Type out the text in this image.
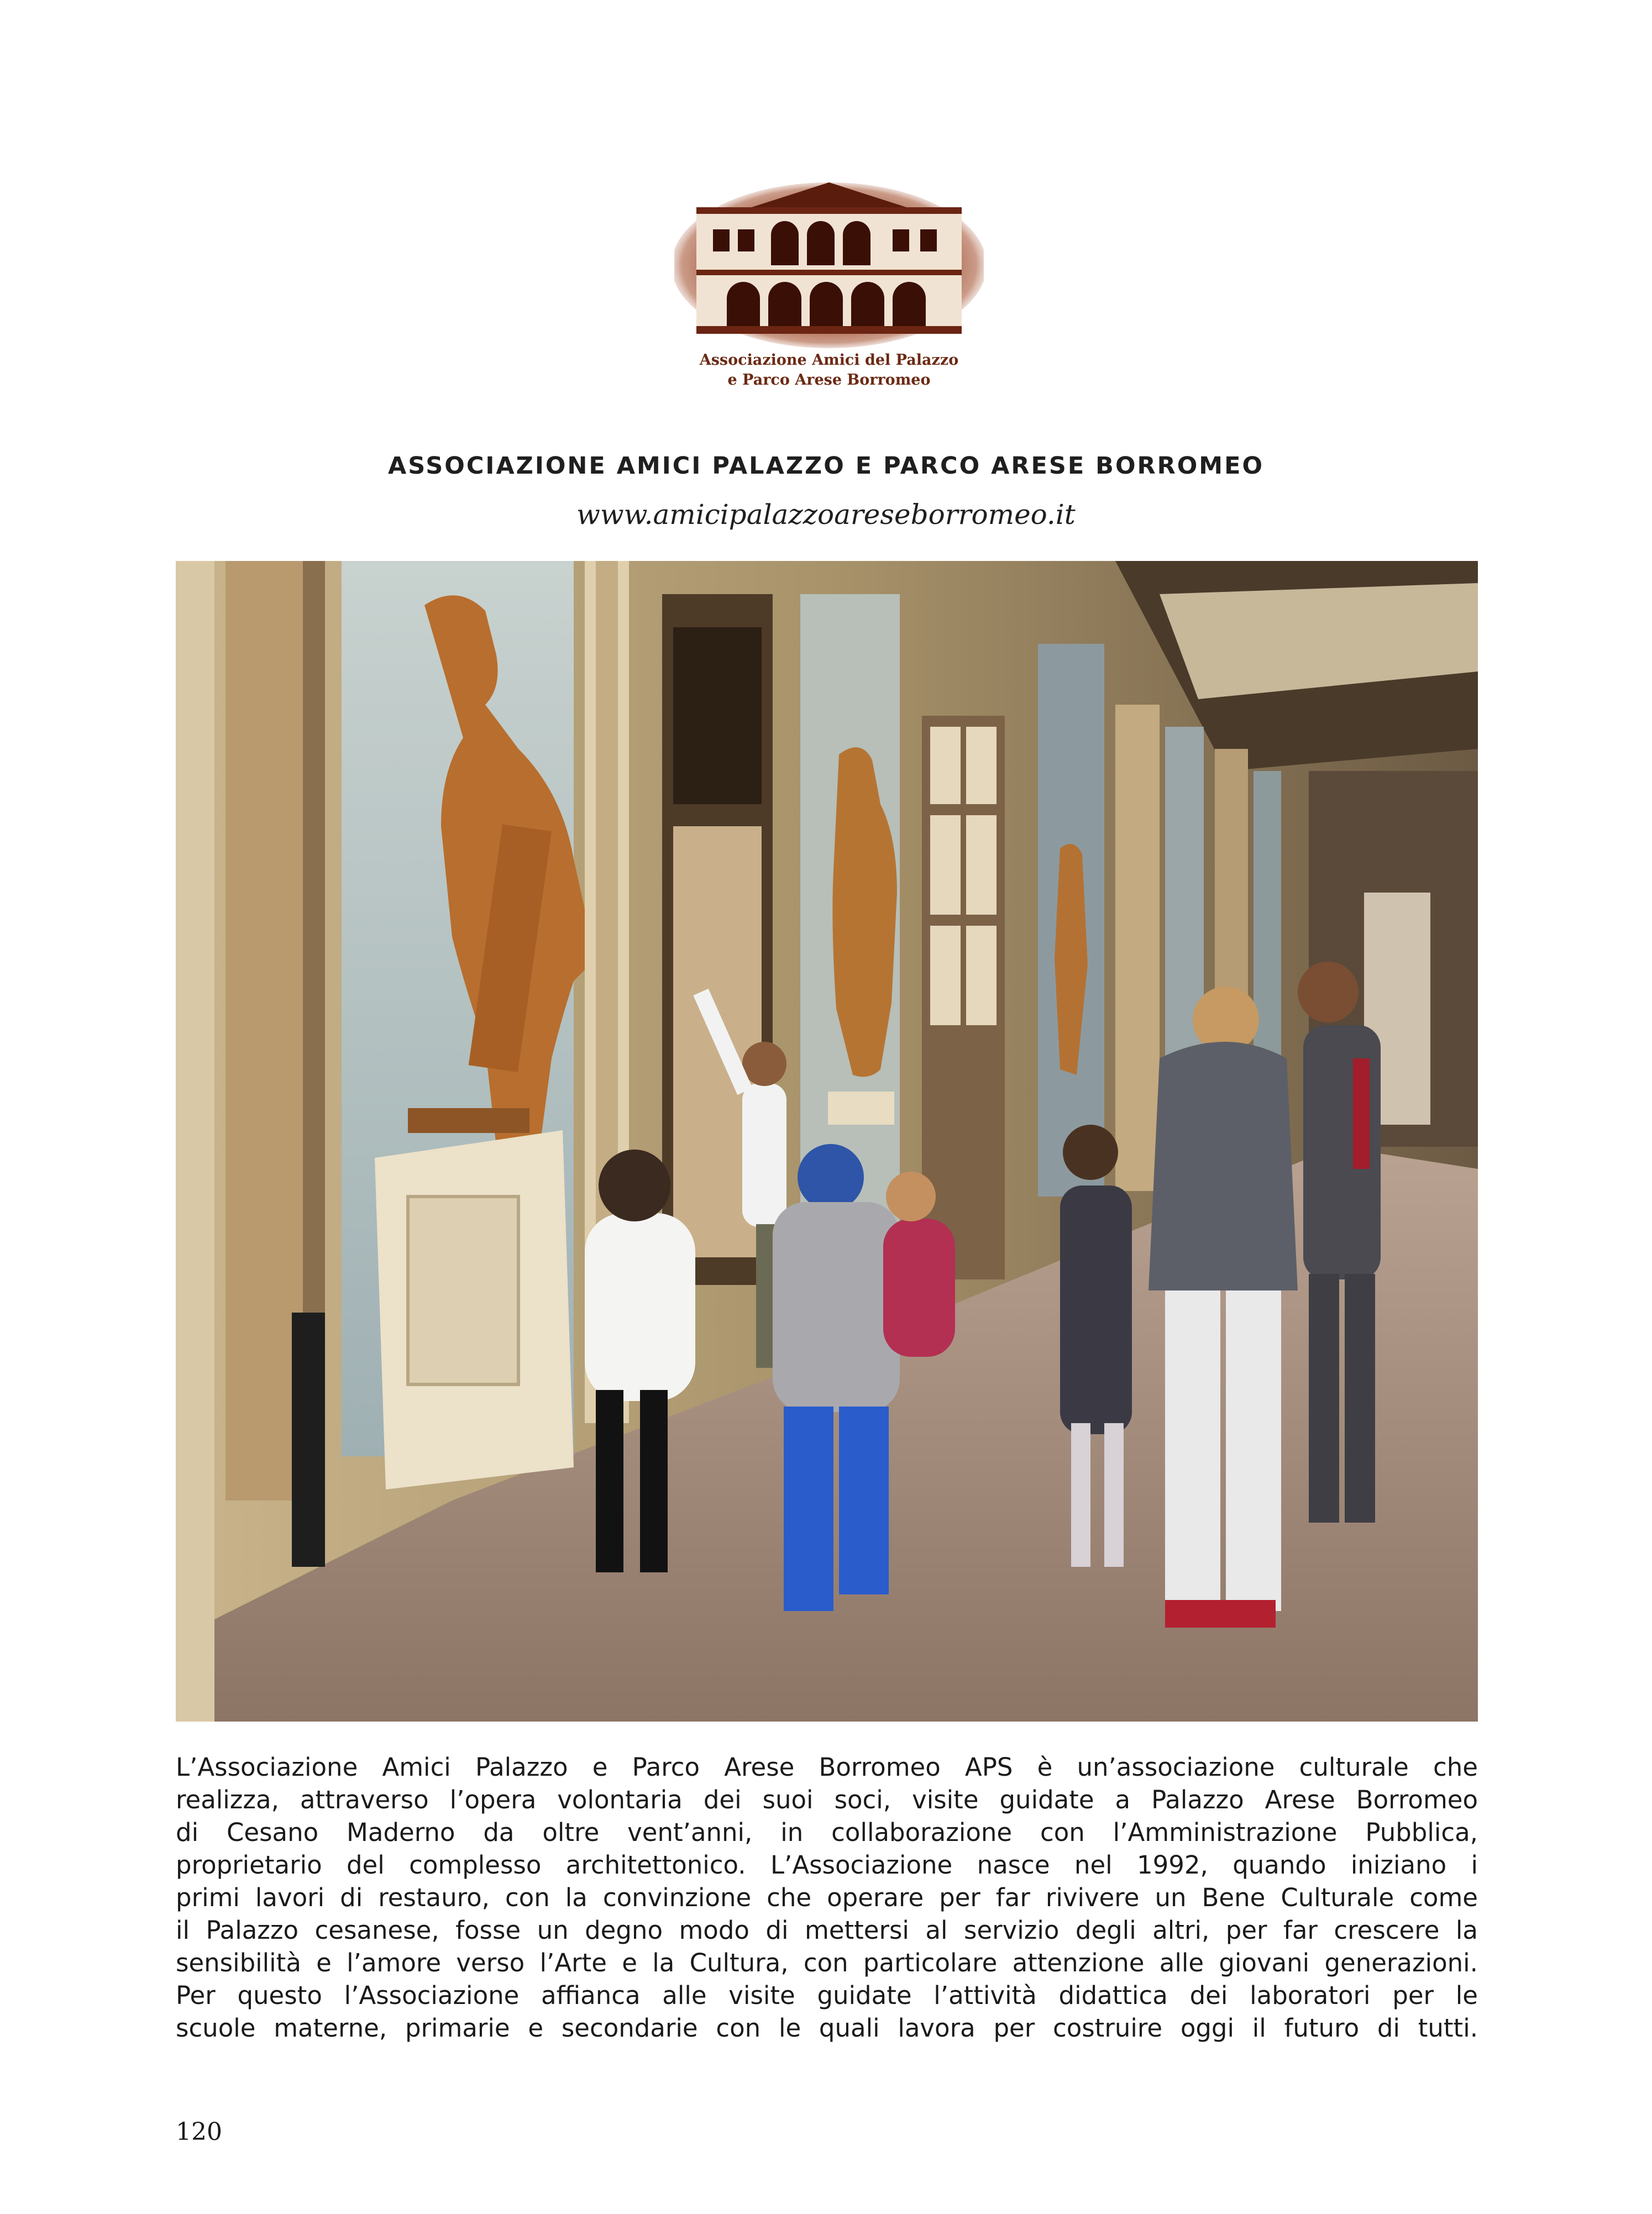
Associazione Amici del Palazzo
e Parco Arese Borromeo
ASSOCIAZIONE AMICI PALAZZO E PARCO ARESE BORROMEO
www.amicipalazzoareseborromeo.it
L’Associazione Amici Palazzo e Parco Arese Borromeo APS è un’associazione culturale che
realizza, attraverso l’opera volontaria dei suoi soci, visite guidate a Palazzo Arese Borromeo
di Cesano Maderno da oltre vent’anni, in collaborazione con l’Amministrazione Pubblica,
proprietario del complesso architettonico. L’Associazione nasce nel 1992, quando iniziano i
primi lavori di restauro, con la convinzione che operare per far rivivere un Bene Culturale come
il Palazzo cesanese, fosse un degno modo di mettersi al servizio degli altri, per far crescere la
sensibilità e l’amore verso l’Arte e la Cultura, con particolare attenzione alle giovani generazioni.
Per questo l’Associazione affianca alle visite guidate l’attività didattica dei laboratori per le
scuole materne, primarie e secondarie con le quali lavora per costruire oggi il futuro di tutti.
120
